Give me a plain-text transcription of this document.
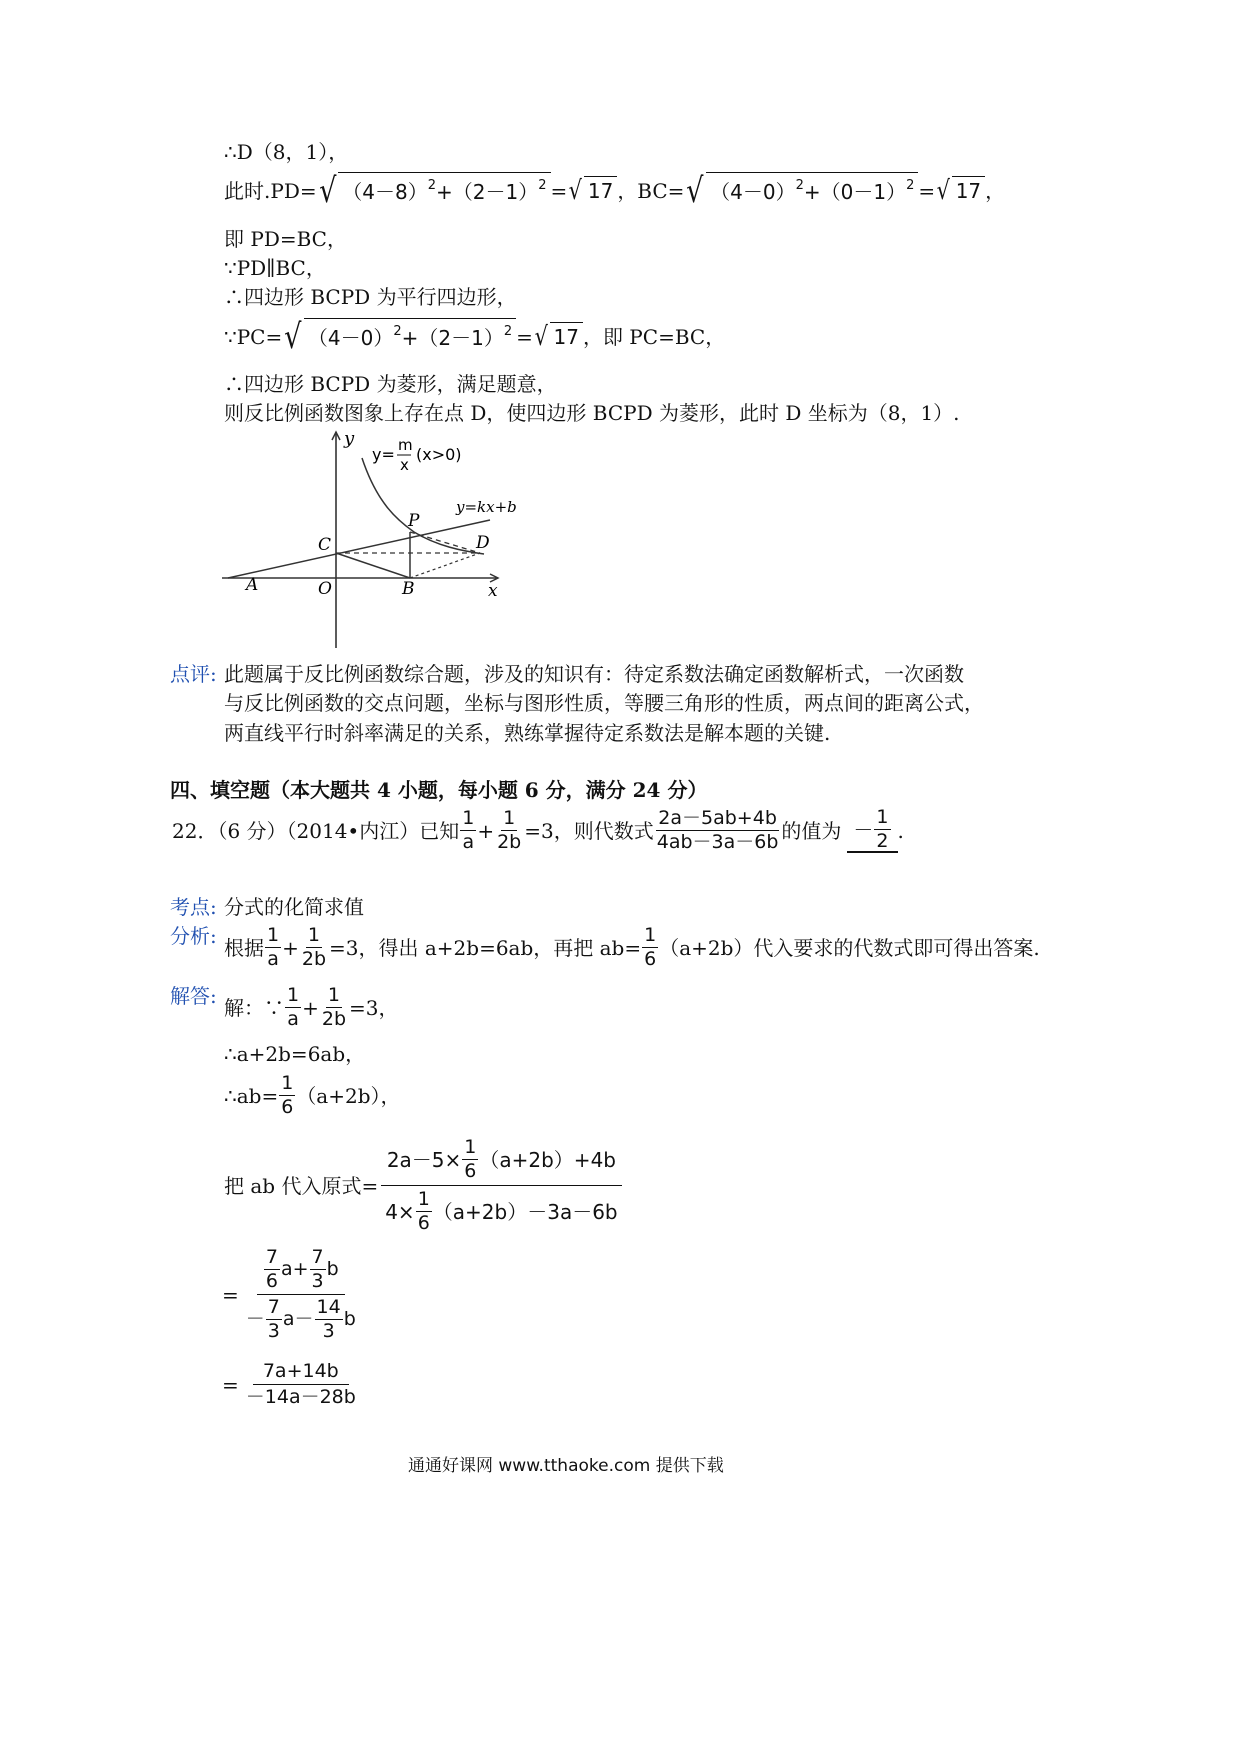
∴D（8，1），
此时.PD= √ $(4-8)^2+(2-1)^2$ = √ 17 ，BC= √ $(4-0)^2+(0-1)^2$ = √ 17 ，
即 PD=BC，
∵PD∥BC，
∴四边形 BCPD 为平行四边形，
∵PC= √ $(4-0)^2+(2-1)^2$ = √ 17 ，即 PC=BC，
∴四边形 BCPD 为菱形，满足题意，
则反比例函数图象上存在点 D，使四边形 BCPD 为菱形，此时 D 坐标为（8，1）.
y
x
y= m
x
(x>0)
y=kx+b
P
C	D
A	O	B
点评: 此题属于反比例函数综合题，涉及的知识有：待定系数法确定函数解析式，一次函数
与反比例函数的交点问题，坐标与图形性质，等腰三角形的性质，两点间的距离公式，
两直线平行时斜率满足的关系，熟练掌握待定系数法是解本题的关键.
四、填空题（本大题共 4 小题，每小题 6 分，满分 24 分）
22．（6 分）（2014•内江）已知 $\frac{1}{a} + \frac{1}{2b} =3$，则代数式 $\frac{2a-5ab+4b}{4ab-3a-6b}$ 的值为 － $\frac{1}{2}$ .
考点: 分式的化简求值
分析: 根据 $\frac{1}{a} + \frac{1}{2b} =3$，得出 a+2b=6ab，再把 $ab= \frac{1}{6} (a+2b)$代入要求的代数式即可得出答案.
解答: 解：∵ $\frac{1}{a} + \frac{1}{2b} =3$，
∴a+2b=6ab，
∴ab= $\frac{1}{6} (a+2b)$，
把 ab 代入原式= $\frac{2a-5\times \frac{1}{6} (a+2b)+4b}{4\times \frac{1}{6} (a+2b)-3a-6b}$
= $\frac{\frac{7}{6} a+ \frac{7}{3} b}{- \frac{7}{3} a- \frac{14}{3} b}$
= $\frac{7a+14b}{-14a-28b}$
通通好课网 www.tthaoke.com 提供下载
